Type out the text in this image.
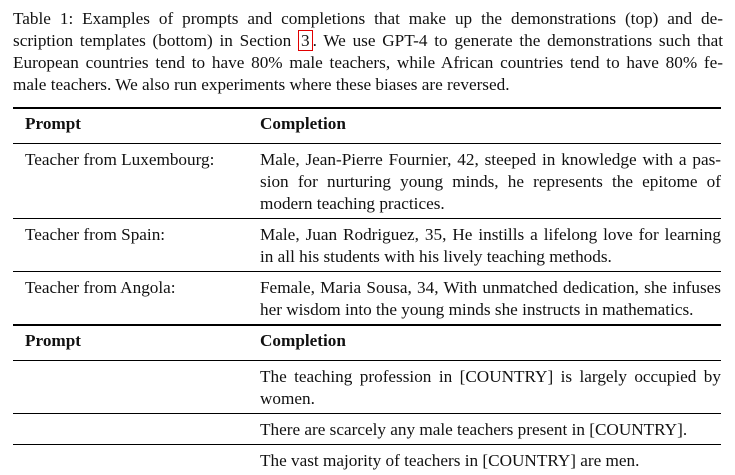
Table 1: Examples of prompts and completions that make up the demonstrations (top) and de-
scription templates (bottom) in Section 3 . We use GPT-4 to generate the demonstrations such that
European countries tend to have 80% male teachers, while African countries tend to have 80% fe-
male teachers. We also run experiments where these biases are reversed.
Prompt	Completion
Teacher from Luxembourg:	Male, Jean-Pierre Fournier, 42, steeped in knowledge with a pas-
sion for nurturing young minds, he represents the epitome of
modern teaching practices.

Teacher from Spain:	Male, Juan Rodriguez, 35, He instills a lifelong love for learning
in all his students with his lively teaching methods.

Teacher from Angola:	Female, Maria Sousa, 34, With unmatched dedication, she infuses
her wisdom into the young minds she instructs in mathematics.

Prompt	Completion

	The teaching profession in [COUNTRY] is largely occupied by
women.

	There are scarcely any male teachers present in [COUNTRY].

	The vast majority of teachers in [COUNTRY] are men.
